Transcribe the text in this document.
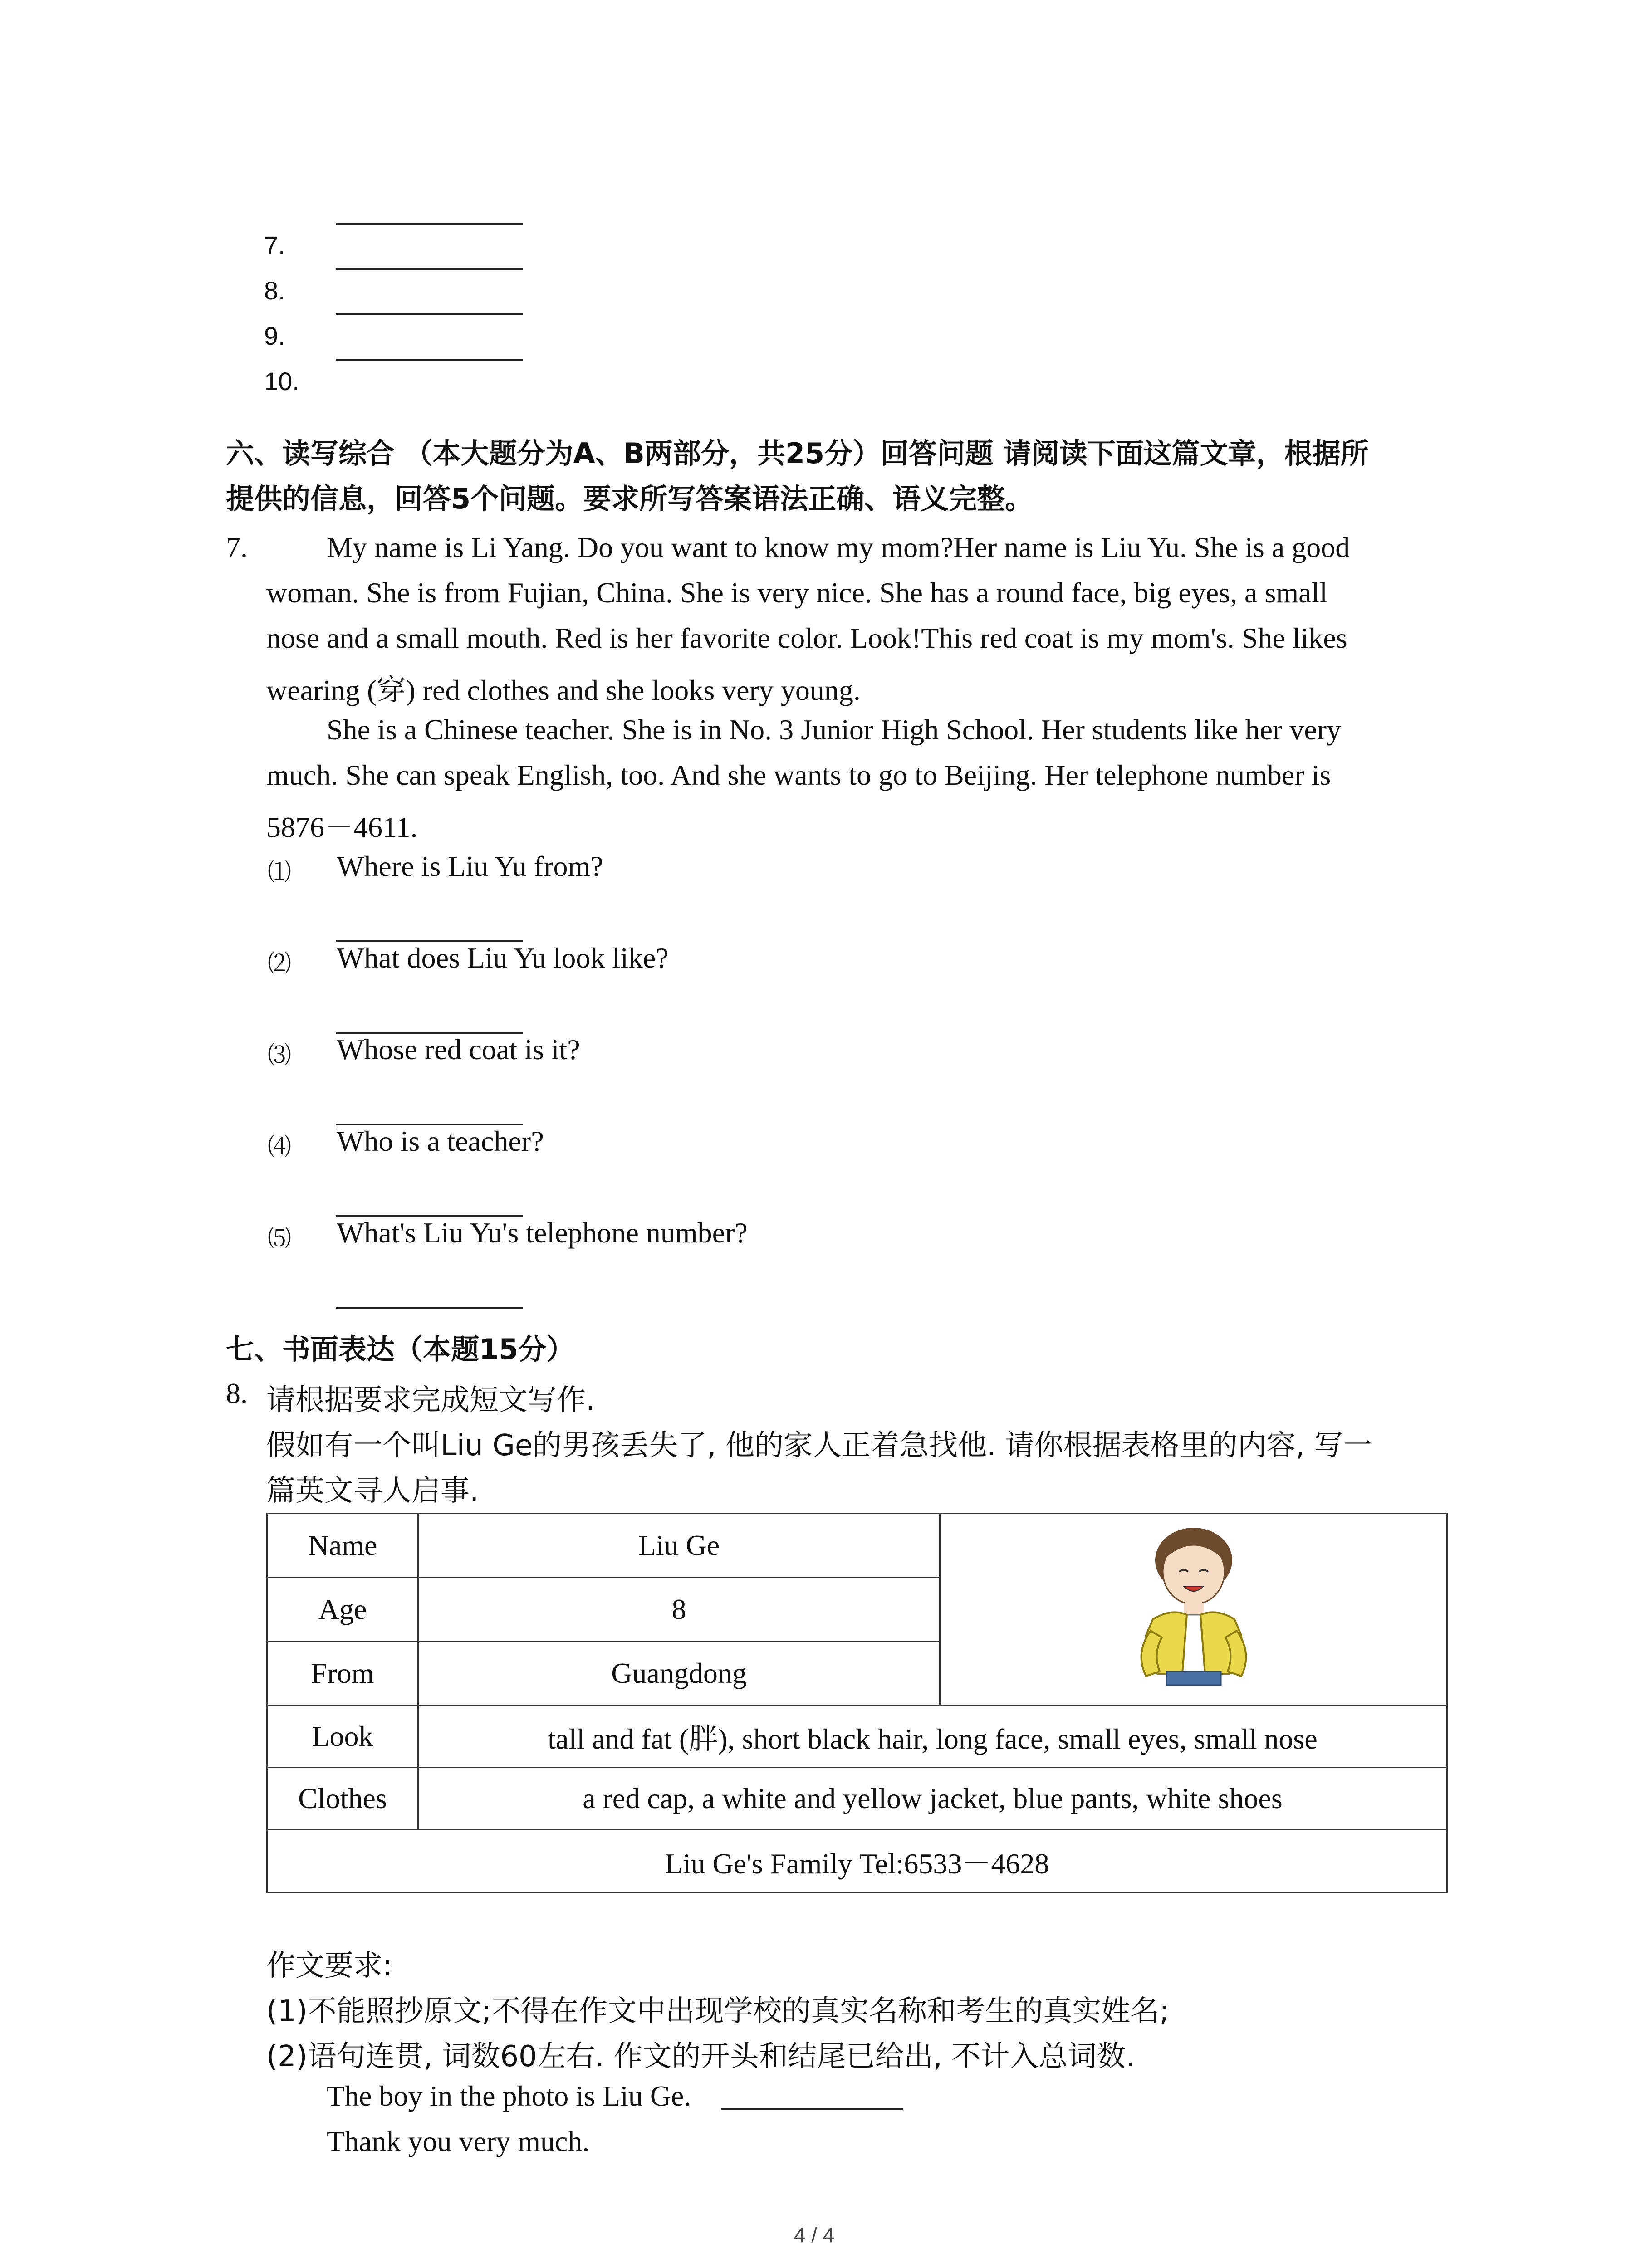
7.
8.
9.
10.
六、读写综合 （本大题分为A、B两部分，共25分）回答问题 请阅读下面这篇文章，根据所
提供的信息，回答5个问题。要求所写答案语法正确、语义完整。
7.	My name is Li Yang. Do you want to know my mom?Her name is Liu Yu. She is a good
woman. She is from Fujian, China. She is very nice. She has a round face, big eyes, a small
nose and a small mouth. Red is her favorite color. Look!This red coat is my mom's. She likes
wearing (穿) red clothes and she looks very young.
She is a Chinese teacher. She is in No. 3 Junior High School. Her students like her very
much. She can speak English, too. And she wants to go to Beijing. Her telephone number is
5876－4611.
⑴ Where is Liu Yu from?
⑵ What does Liu Yu look like?
⑶ Whose red coat is it?
⑷ Who is a teacher?
⑸ What's Liu Yu's telephone number?
七、书面表达（本题15分）
8. 请根据要求完成短文写作.
假如有一个叫Liu Ge的男孩丢失了, 他的家人正着急找他. 请你根据表格里的内容, 写一
篇英文寻人启事.
Name	Liu Ge	
Age	8	
From	Guangdong	
Look	tall and fat (胖), short black hair, long face, small eyes, small nose	
Clothes	a red cap, a white and yellow jacket, blue pants, white shoes	
Liu Ge's Family Tel:6533－4628		
作文要求:
(1)不能照抄原文;不得在作文中出现学校的真实名称和考生的真实姓名;
(2)语句连贯, 词数60左右. 作文的开头和结尾已给出, 不计入总词数.
The boy in the photo is Liu Ge.
Thank you very much.
4 / 4
